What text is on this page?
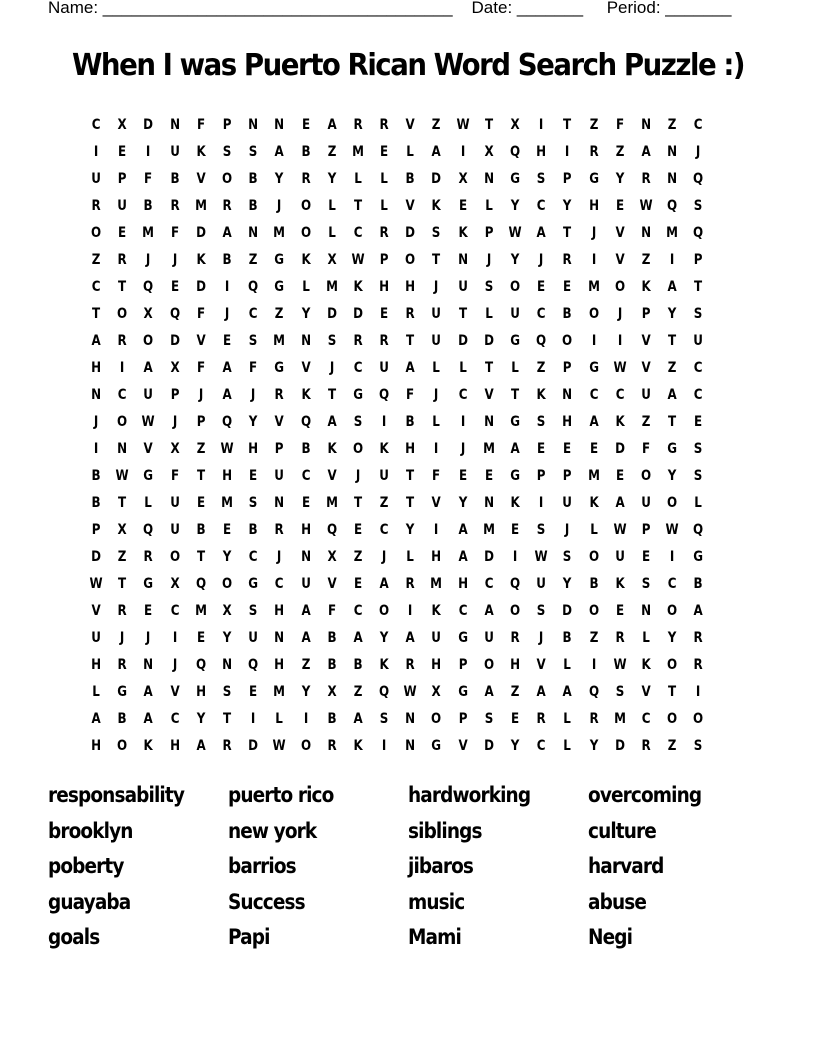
Name: _____________________________________ Date: _______ Period: _______
When I was Puerto Rican Word Search Puzzle :)
C	X	D	N	F	P	N	N	E	A	R	R	V	Z	W	T	X	I	T	Z	F	N	Z	C
I	E	I	U	K	S	S	A	B	Z	M	E	L	A	I	X	Q	H	I	R	Z	A	N	J
U	P	F	B	V	O	B	Y	R	Y	L	L	B	D	X	N	G	S	P	G	Y	R	N	Q
R	U	B	R	M	R	B	J	O	L	T	L	V	K	E	L	Y	C	Y	H	E	W	Q	S
O	E	M	F	D	A	N	M	O	L	C	R	D	S	K	P	W	A	T	J	V	N	M	Q
Z	R	J	J	K	B	Z	G	K	X	W	P	O	T	N	J	Y	J	R	I	V	Z	I	P
C	T	Q	E	D	I	Q	G	L	M	K	H	H	J	U	S	O	E	E	M	O	K	A	T
T	O	X	Q	F	J	C	Z	Y	D	D	E	R	U	T	L	U	C	B	O	J	P	Y	S
A	R	O	D	V	E	S	M	N	S	R	R	T	U	D	D	G	Q	O	I	I	V	T	U
H	I	A	X	F	A	F	G	V	J	C	U	A	L	L	T	L	Z	P	G	W	V	Z	C
N	C	U	P	J	A	J	R	K	T	G	Q	F	J	C	V	T	K	N	C	C	U	A	C
J	O	W	J	P	Q	Y	V	Q	A	S	I	B	L	I	N	G	S	H	A	K	Z	T	E
I	N	V	X	Z	W	H	P	B	K	O	K	H	I	J	M	A	E	E	E	D	F	G	S
B	W	G	F	T	H	E	U	C	V	J	U	T	F	E	E	G	P	P	M	E	O	Y	S
B	T	L	U	E	M	S	N	E	M	T	Z	T	V	Y	N	K	I	U	K	A	U	O	L
P	X	Q	U	B	E	B	R	H	Q	E	C	Y	I	A	M	E	S	J	L	W	P	W	Q
D	Z	R	O	T	Y	C	J	N	X	Z	J	L	H	A	D	I	W	S	O	U	E	I	G
W	T	G	X	Q	O	G	C	U	V	E	A	R	M	H	C	Q	U	Y	B	K	S	C	B
V	R	E	C	M	X	S	H	A	F	C	O	I	K	C	A	O	S	D	O	E	N	O	A
U	J	J	I	E	Y	U	N	A	B	A	Y	A	U	G	U	R	J	B	Z	R	L	Y	R
H	R	N	J	Q	N	Q	H	Z	B	B	K	R	H	P	O	H	V	L	I	W	K	O	R
L	G	A	V	H	S	E	M	Y	X	Z	Q	W	X	G	A	Z	A	A	Q	S	V	T	I
A	B	A	C	Y	T	I	L	I	B	A	S	N	O	P	S	E	R	L	R	M	C	O	O
H	O	K	H	A	R	D	W	O	R	K	I	N	G	V	D	Y	C	L	Y	D	R	Z	S
responsability	puerto rico	hardworking	overcoming
brooklyn	new york	siblings	culture
poberty	barrios	jibaros	harvard
guayaba	Success	music	abuse
goals	Papi	Mami	Negi
